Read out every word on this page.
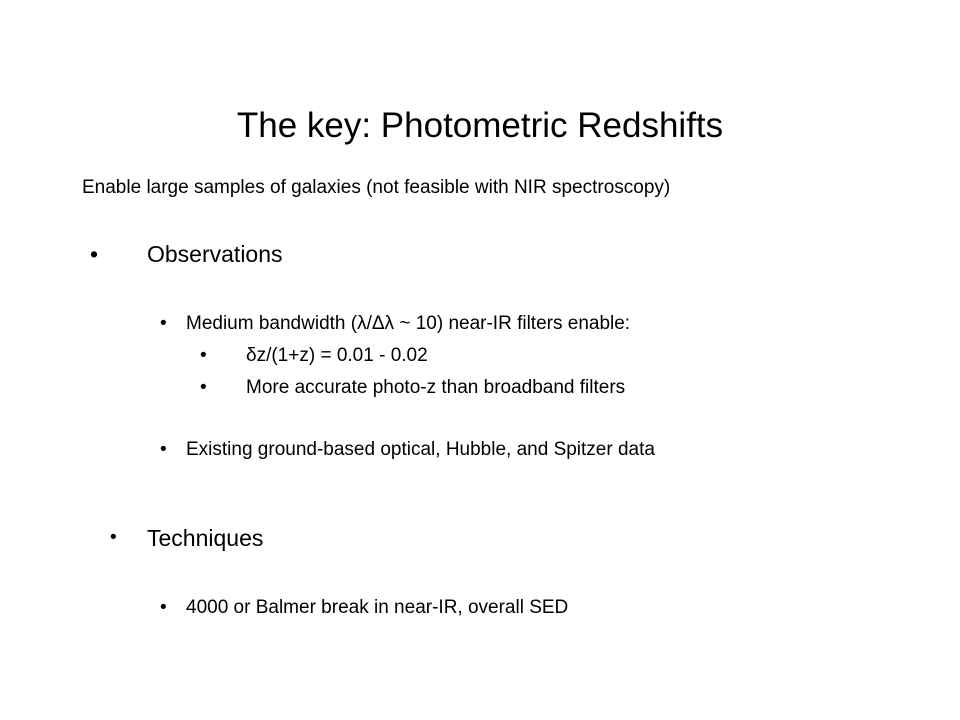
The key: Photometric Redshifts
Enable large samples of galaxies (not feasible with NIR spectroscopy)
• Observations
• Medium bandwidth (λ/Δλ ~ 10) near-IR filters enable:
• δz/(1+z) = 0.01 - 0.02
• More accurate photo-z than broadband filters
• Existing ground-based optical, Hubble, and Spitzer data
• Techniques
• 4000 or Balmer break in near-IR, overall SED
